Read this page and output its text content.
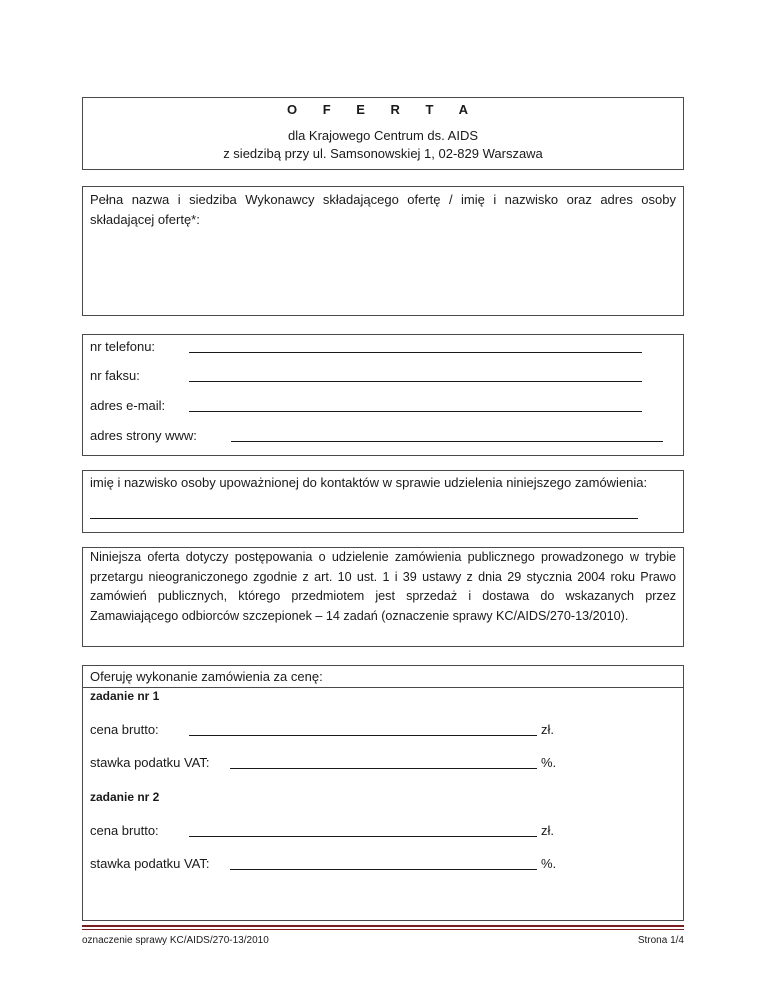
O F E R T A
dla Krajowego Centrum ds. AIDS
z siedzibą przy ul. Samsonowskiej 1, 02-829 Warszawa
Pełna nazwa i siedziba Wykonawcy składającego ofertę / imię i nazwisko oraz adres osoby składającej ofertę*:
nr telefonu:
nr faksu:
adres e-mail:
adres strony www:
imię i nazwisko osoby upoważnionej do kontaktów w sprawie udzielenia niniejszego zamówienia:
Niniejsza oferta dotyczy postępowania o udzielenie zamówienia publicznego prowadzonego w trybie przetargu nieograniczonego zgodnie z art. 10 ust. 1 i 39 ustawy z dnia 29 stycznia 2004 roku Prawo zamówień publicznych, którego przedmiotem jest sprzedaż i dostawa do wskazanych przez Zamawiającego odbiorców szczepionek – 14 zadań (oznaczenie sprawy KC/AIDS/270-13/2010).
Oferuję wykonanie zamówienia za cenę:
zadanie nr 1
cena brutto:	zł.
stawka podatku VAT:	%.
zadanie nr 2
cena brutto:	zł.
stawka podatku VAT:	%.
oznaczenie sprawy KC/AIDS/270-13/2010	Strona 1/4
